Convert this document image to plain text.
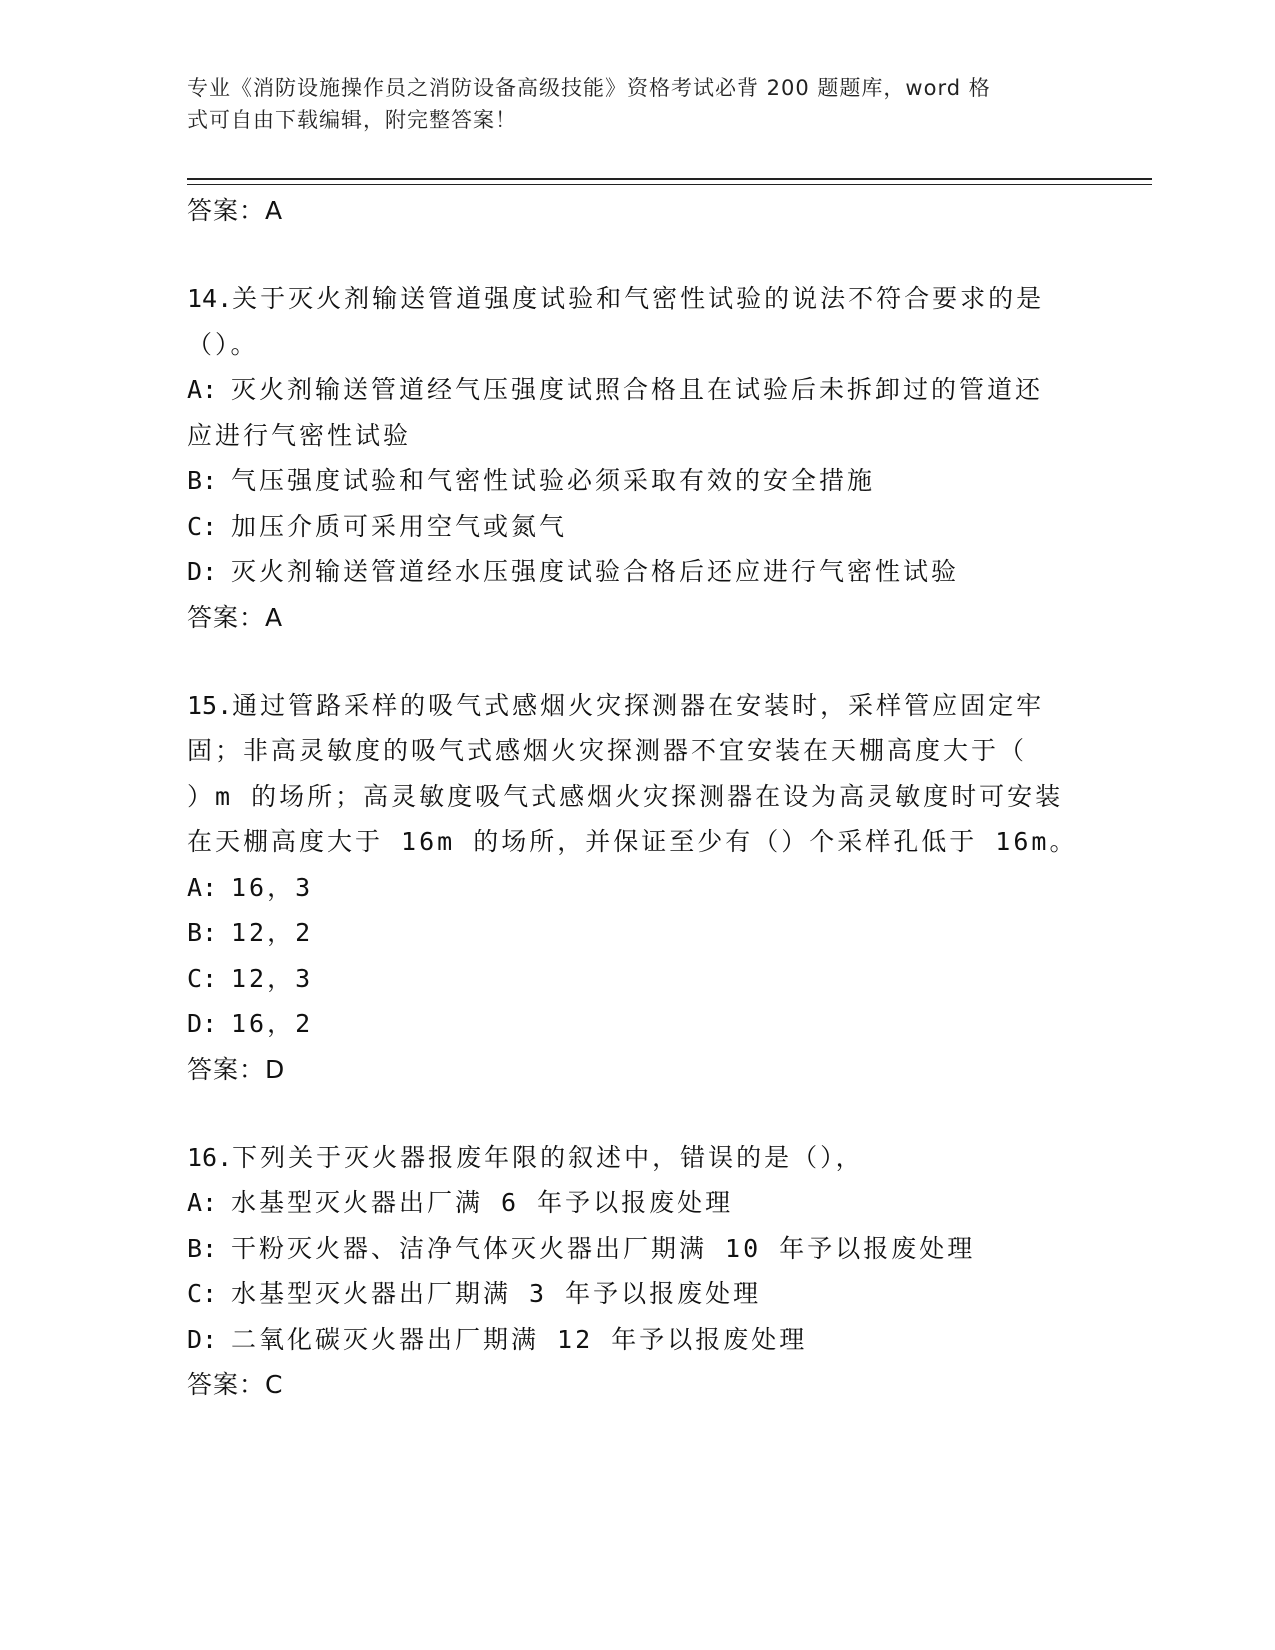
专业《消防设施操作员之消防设备高级技能》资格考试必背 200 题题库，word 格
式可自由下载编辑，附完整答案！
答案：A
14.关于灭火剂输送管道强度试验和气密性试验的说法不符合要求的是
（）。
A: 灭火剂输送管道经气压强度试照合格且在试验后未拆卸过的管道还
应进行气密性试验
B: 气压强度试验和气密性试验必须采取有效的安全措施
C: 加压介质可采用空气或氮气
D: 灭火剂输送管道经水压强度试验合格后还应进行气密性试验
答案：A
15.通过管路采样的吸气式感烟火灾探测器在安装时，采样管应固定牢
固；非高灵敏度的吸气式感烟火灾探测器不宜安装在天棚高度大于（
）m 的场所；高灵敏度吸气式感烟火灾探测器在设为高灵敏度时可安装
在天棚高度大于 16m 的场所，并保证至少有（）个采样孔低于 16m。
A: 16，3
B: 12，2
C: 12，3
D: 16，2
答案：D
16.下列关于灭火器报废年限的叙述中，错误的是（），
A: 水基型灭火器出厂满 6 年予以报废处理
B: 干粉灭火器、洁净气体灭火器出厂期满 10 年予以报废处理
C: 水基型灭火器出厂期满 3 年予以报废处理
D: 二氧化碳灭火器出厂期满 12 年予以报废处理
答案：C
